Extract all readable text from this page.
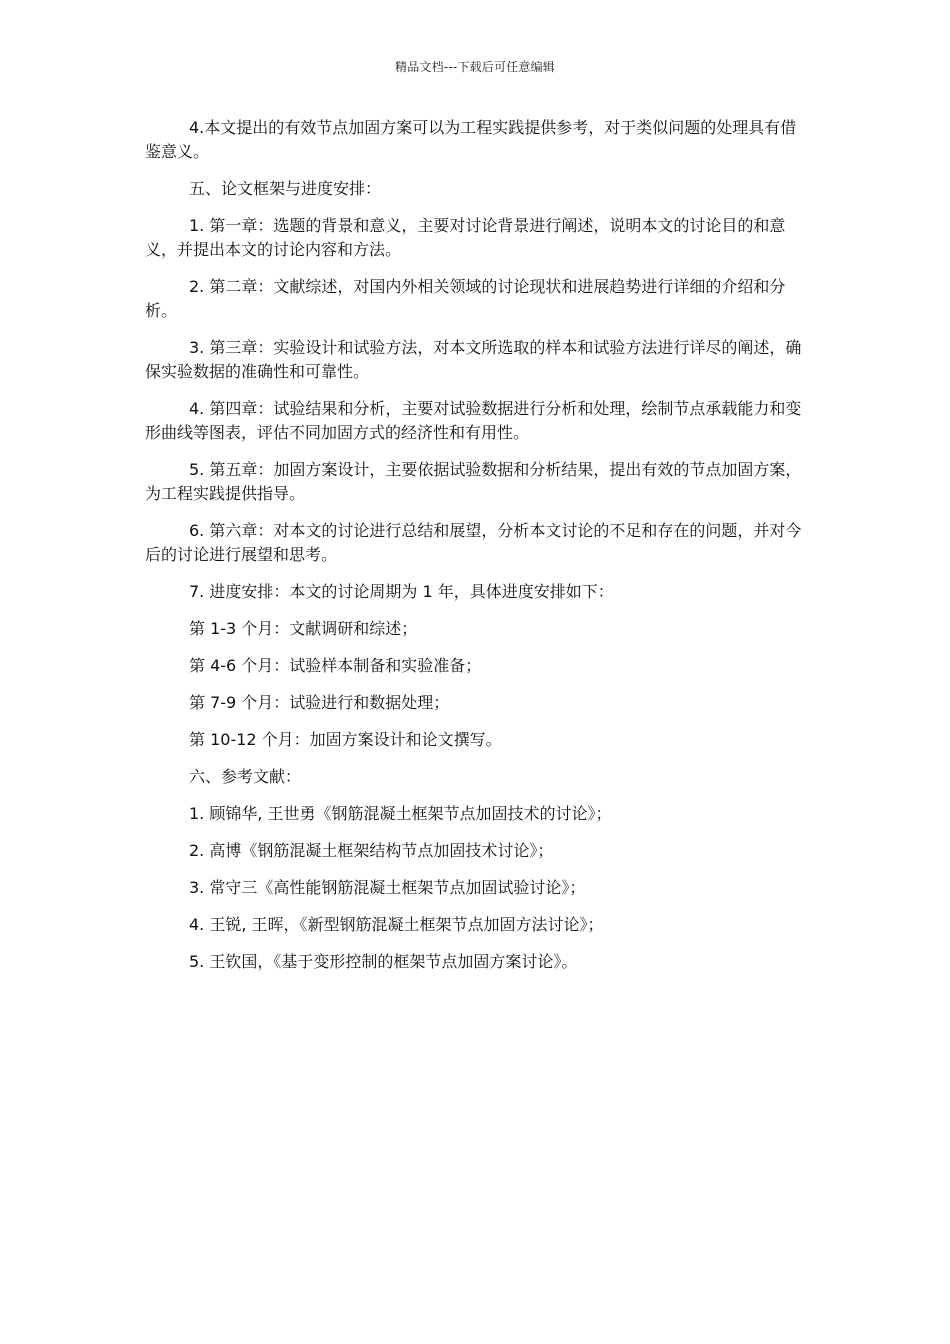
精品文档---下载后可任意编辑

4.本文提出的有效节点加固方案可以为工程实践提供参考，对于类似问题的处理具有借鉴意义。

五、论文框架与进度安排：

1. 第一章：选题的背景和意义，主要对讨论背景进行阐述，说明本文的讨论目的和意义，并提出本文的讨论内容和方法。

2. 第二章：文献综述，对国内外相关领域的讨论现状和进展趋势进行详细的介绍和分析。

3. 第三章：实验设计和试验方法，对本文所选取的样本和试验方法进行详尽的阐述，确保实验数据的准确性和可靠性。

4. 第四章：试验结果和分析，主要对试验数据进行分析和处理，绘制节点承载能力和变形曲线等图表，评估不同加固方式的经济性和有用性。

5. 第五章：加固方案设计，主要依据试验数据和分析结果，提出有效的节点加固方案，为工程实践提供指导。

6. 第六章：对本文的讨论进行总结和展望，分析本文讨论的不足和存在的问题，并对今后的讨论进行展望和思考。

7. 进度安排：本文的讨论周期为 1 年，具体进度安排如下：

第 1-3 个月：文献调研和综述；

第 4-6 个月：试验样本制备和实验准备；

第 7-9 个月：试验进行和数据处理；

第 10-12 个月：加固方案设计和论文撰写。

六、参考文献：

1. 顾锦华, 王世勇《钢筋混凝土框架节点加固技术的讨论》；

2. 高博《钢筋混凝土框架结构节点加固技术讨论》；

3. 常守三《高性能钢筋混凝土框架节点加固试验讨论》；

4. 王锐, 王晖，《新型钢筋混凝土框架节点加固方法讨论》；

5. 王钦国，《基于变形控制的框架节点加固方案讨论》。
